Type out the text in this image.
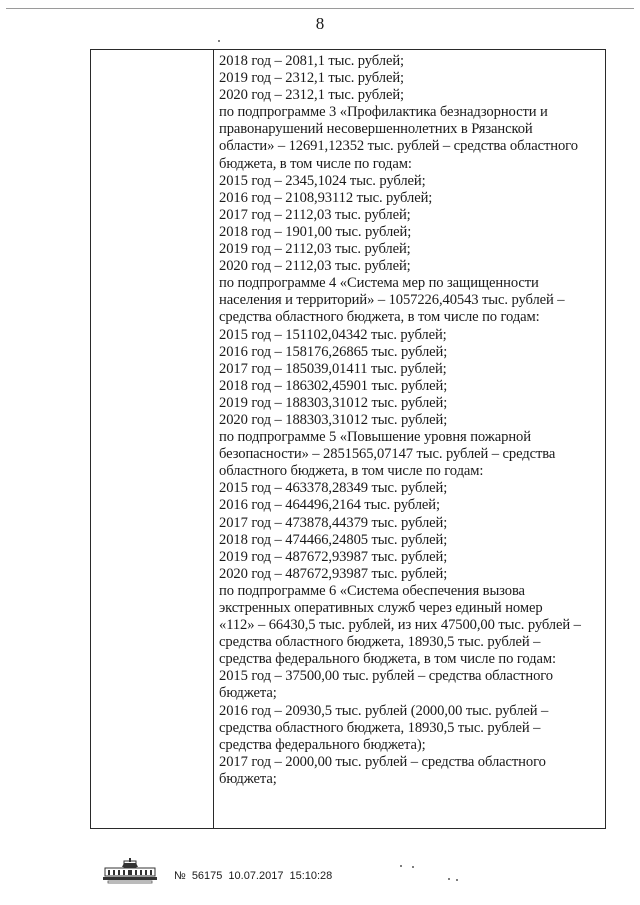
8
2018 год – 2081,1 тыс. рублей;
2019 год – 2312,1 тыс. рублей;
2020 год – 2312,1 тыс. рублей;
по подпрограмме 3 «Профилактика безнадзорности и
правонарушений несовершеннолетних в Рязанской
области» – 12691,12352 тыс. рублей – средства областного
бюджета, в том числе по годам:
2015 год – 2345,1024 тыс. рублей;
2016 год – 2108,93112 тыс. рублей;
2017 год – 2112,03 тыс. рублей;
2018 год – 1901,00 тыс. рублей;
2019 год – 2112,03 тыс. рублей;
2020 год – 2112,03 тыс. рублей;
по подпрограмме 4 «Система мер по защищенности
населения и территорий» – 1057226,40543 тыс. рублей –
средства областного бюджета, в том числе по годам:
2015 год – 151102,04342 тыс. рублей;
2016 год – 158176,26865 тыс. рублей;
2017 год – 185039,01411 тыс. рублей;
2018 год – 186302,45901 тыс. рублей;
2019 год – 188303,31012 тыс. рублей;
2020 год – 188303,31012 тыс. рублей;
по подпрограмме 5 «Повышение уровня пожарной
безопасности» – 2851565,07147 тыс. рублей – средства
областного бюджета, в том числе по годам:
2015 год – 463378,28349 тыс. рублей;
2016 год – 464496,2164 тыс. рублей;
2017 год – 473878,44379 тыс. рублей;
2018 год – 474466,24805 тыс. рублей;
2019 год – 487672,93987 тыс. рублей;
2020 год – 487672,93987 тыс. рублей;
по подпрограмме 6 «Система обеспечения вызова
экстренных оперативных служб через единый номер
«112» – 66430,5 тыс. рублей, из них 47500,00 тыс. рублей –
средства областного бюджета, 18930,5 тыс. рублей –
средства федерального бюджета, в том числе по годам:
2015 год – 37500,00 тыс. рублей – средства областного
бюджета;
2016 год – 20930,5 тыс. рублей (2000,00 тыс. рублей –
средства областного бюджета, 18930,5 тыс. рублей –
средства федерального бюджета);
2017 год – 2000,00 тыс. рублей – средства областного
бюджета;
№ 56175 10.07.2017 15:10:28
